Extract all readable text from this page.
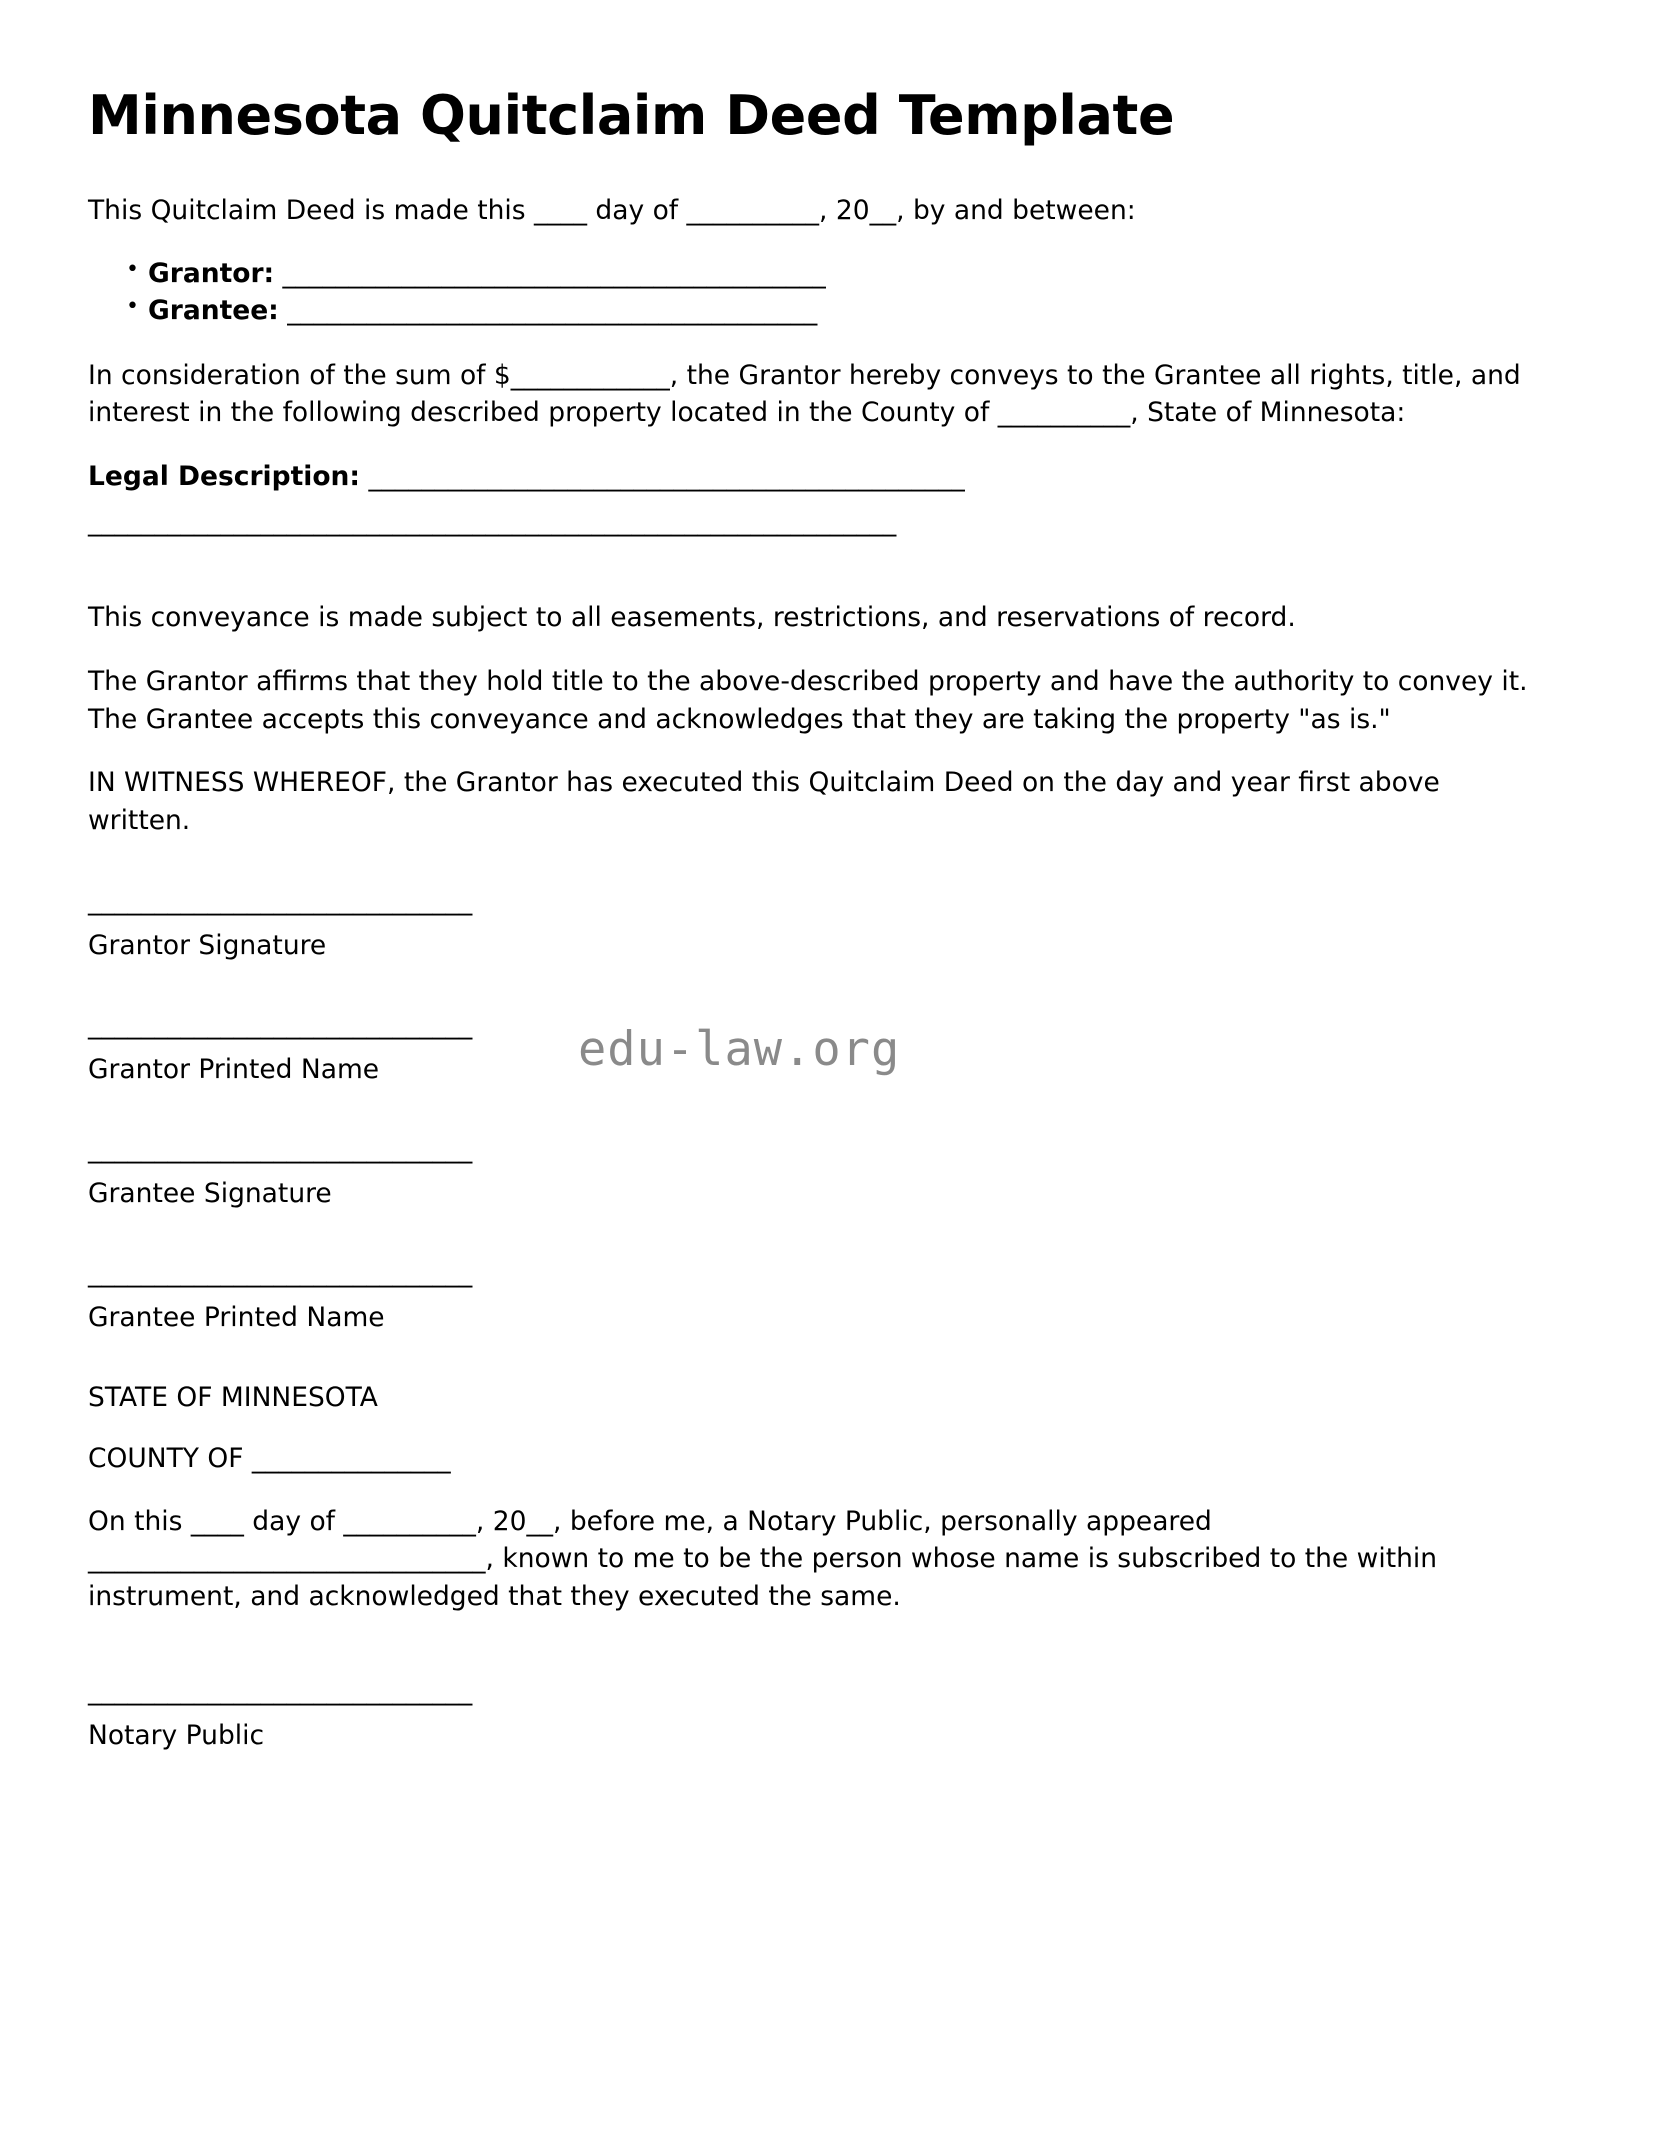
Minnesota Quitclaim Deed Template

This Quitclaim Deed is made this ____ day of __________, 20__, by and between:

• Grantor: _________________________________________
• Grantee: ________________________________________

In consideration of the sum of $____________, the Grantor hereby conveys to the Grantee all rights, title, and interest in the following described property located in the County of __________, State of Minnesota:

Legal Description: _____________________________________________

_____________________________________________________________

This conveyance is made subject to all easements, restrictions, and reservations of record.

The Grantor affirms that they hold title to the above-described property and have the authority to convey it. The Grantee accepts this conveyance and acknowledges that they are taking the property "as is."

IN WITNESS WHEREOF, the Grantor has executed this Quitclaim Deed on the day and year first above written.

_____________________________
Grantor Signature
_____________________________
Grantor Printed Name
_____________________________
Grantee Signature
_____________________________
Grantee Printed Name

STATE OF MINNESOTA

COUNTY OF _______________

On this ____ day of __________, 20__, before me, a Notary Public, personally appeared ______________________________, known to me to be the person whose name is subscribed to the within instrument, and acknowledged that they executed the same.

_____________________________
Notary Public
edu-law.org
